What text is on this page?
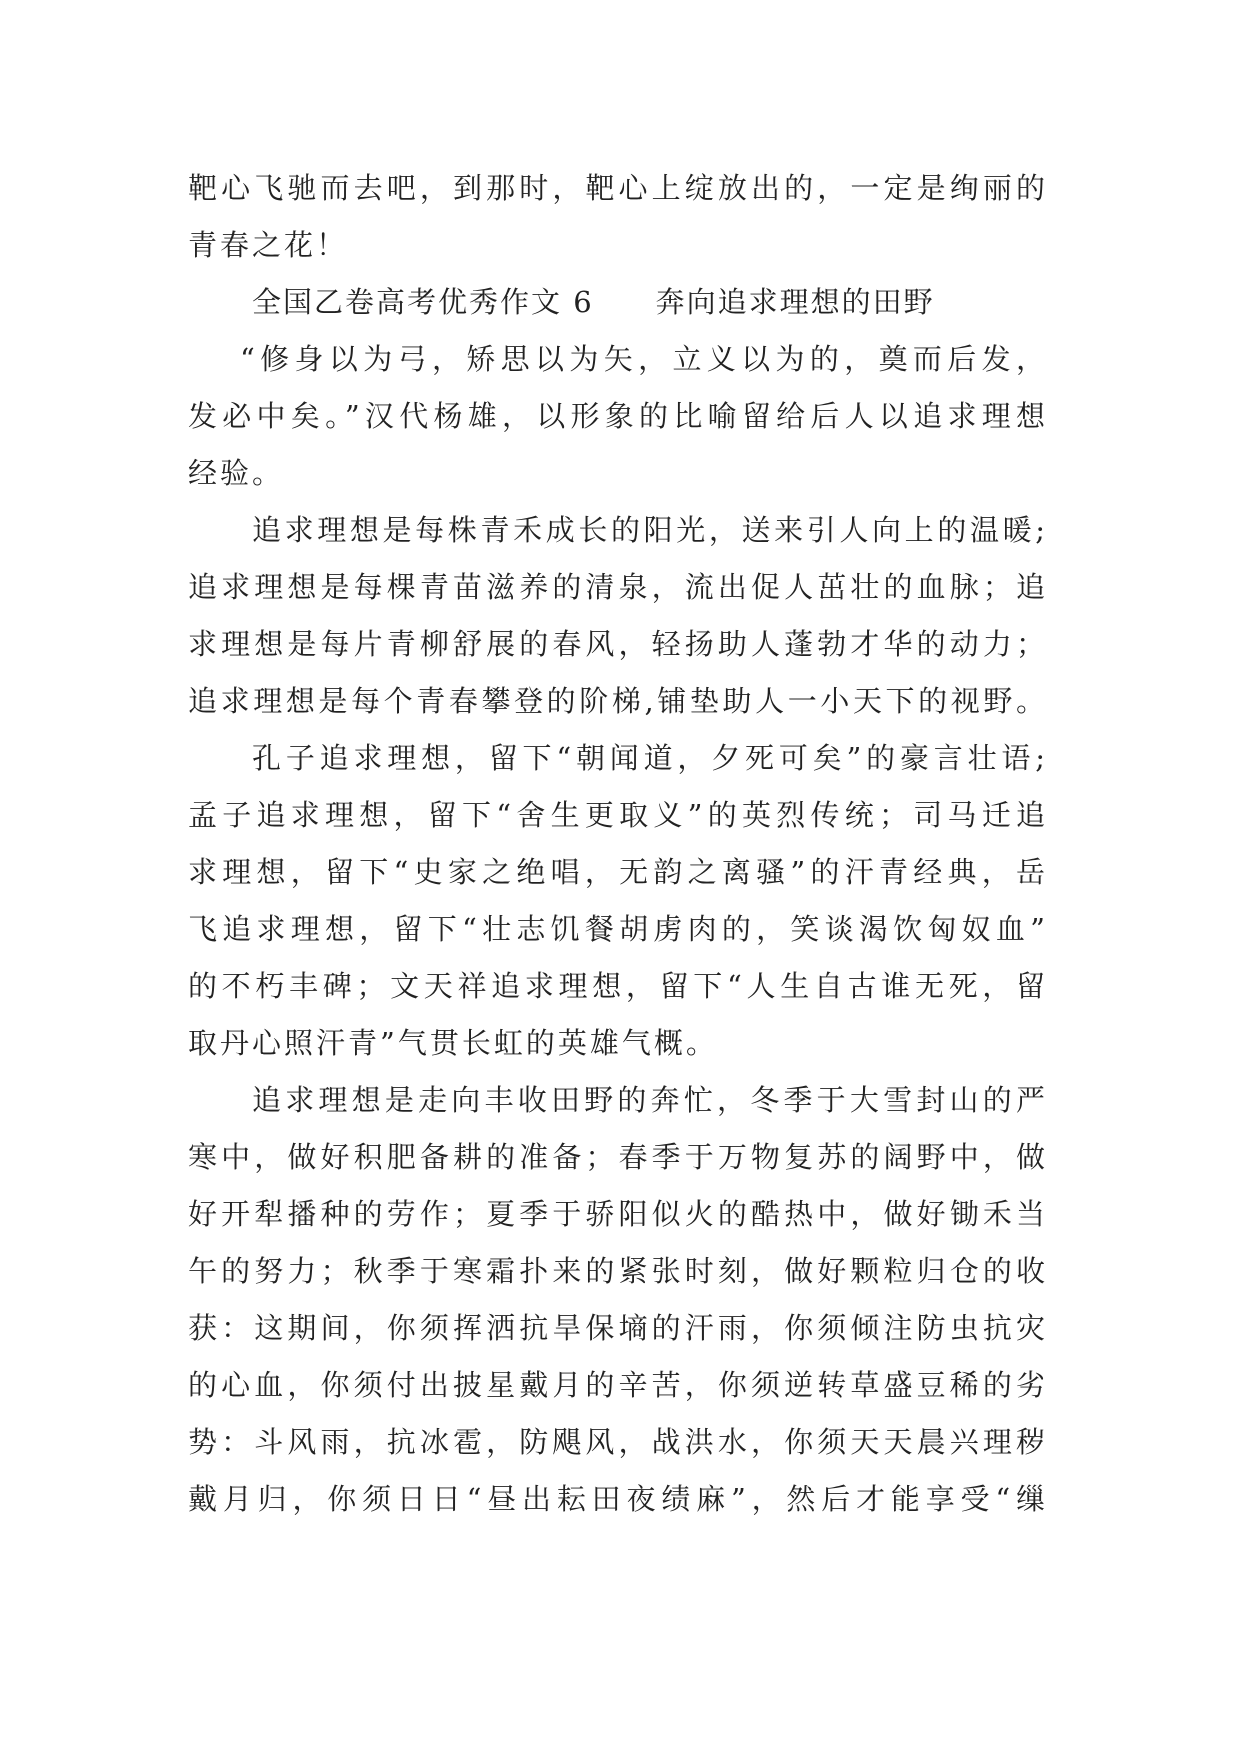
靶心飞驰而去吧，到那时，靶心上绽放出的，一定是绚丽的
青春之花！
全国乙卷高考优秀作文 6 奔向追求理想的田野
“修身以为弓，矫思以为矢，立义以为的，奠而后发，
发必中矣。”汉代杨雄，以形象的比喻留给后人以追求理想
经验。
追求理想是每株青禾成长的阳光，送来引人向上的温暖;
追求理想是每棵青苗滋养的清泉，流出促人茁壮的血脉；追
求理想是每片青柳舒展的春风，轻扬助人蓬勃才华的动力；
追求理想是每个青春攀登的阶梯,铺垫助人一小天下的视野。
孔子追求理想，留下“朝闻道，夕死可矣”的豪言壮语;
孟子追求理想，留下“舍生更取义”的英烈传统；司马迁追
求理想，留下“史家之绝唱，无韵之离骚”的汗青经典，岳
飞追求理想，留下“壮志饥餐胡虏肉的，笑谈渴饮匈奴血”
的不朽丰碑；文天祥追求理想，留下“人生自古谁无死，留
取丹心照汗青”气贯长虹的英雄气概。
追求理想是走向丰收田野的奔忙，冬季于大雪封山的严
寒中，做好积肥备耕的准备；春季于万物复苏的阔野中，做
好开犁播种的劳作；夏季于骄阳似火的酷热中，做好锄禾当
午的努力；秋季于寒霜扑来的紧张时刻，做好颗粒归仓的收
获：这期间，你须挥洒抗旱保墒的汗雨，你须倾注防虫抗灾
的心血，你须付出披星戴月的辛苦，你须逆转草盛豆稀的劣
势：斗风雨，抗冰雹，防飓风，战洪水，你须天天晨兴理秽
戴月归，你须日日“昼出耘田夜绩麻”，然后才能享受“缫
